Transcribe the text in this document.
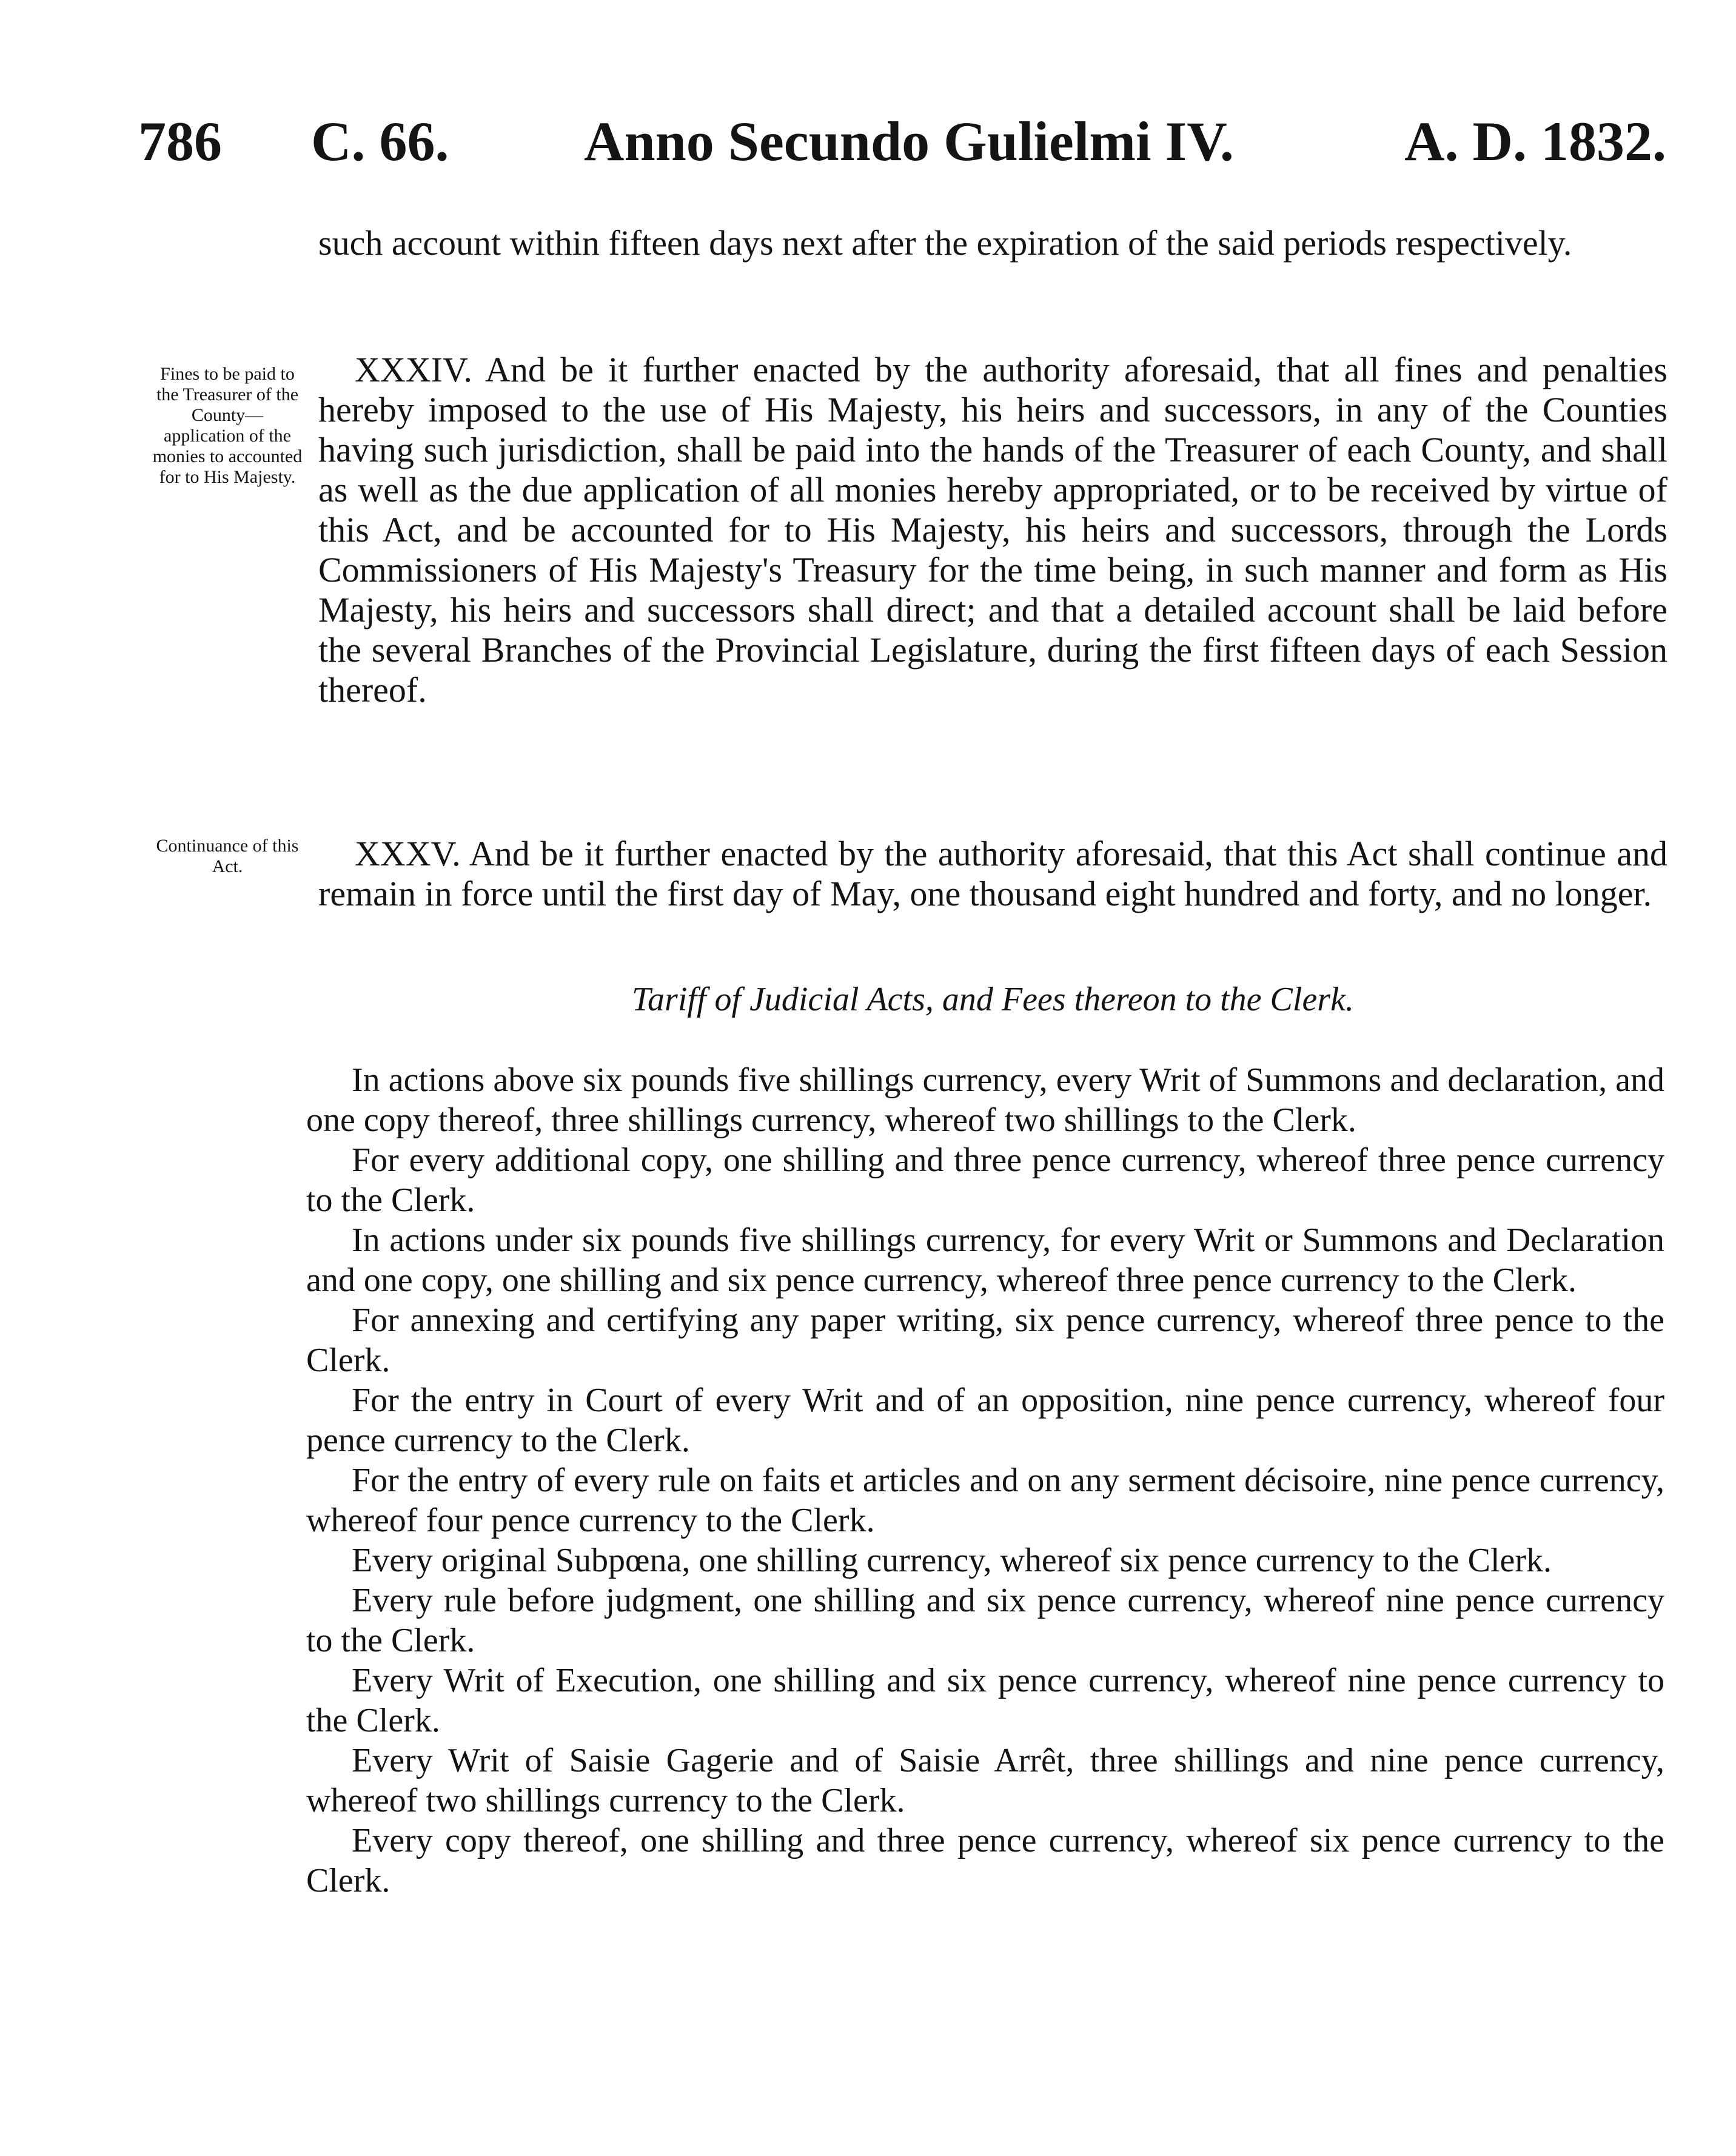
786 C. 66. Anno Secundo Gulielmi IV.	A. D. 1832.

such account within fifteen days next after the expiration of the said periods respectively.

Fines to be paid to the Treasurer of the County—application of the monies to accounted for to His Majesty.

XXXIV. And be it further enacted by the authority aforesaid, that all fines and penalties hereby imposed to the use of His Majesty, his heirs and successors, in any of the Counties having such jurisdiction, shall be paid into the hands of the Treasurer of each County, and shall as well as the due application of all monies hereby appropriated, or to be received by virtue of this Act, and be accounted for to His Majesty, his heirs and successors, through the Lords Commissioners of His Majesty's Treasury for the time being, in such manner and form as His Majesty, his heirs and successors shall direct; and that a detailed account shall be laid before the several Branches of the Provincial Legislature, during the first fifteen days of each Session thereof.

Continuance of this Act.	XXXV. And be it further enacted by the authority aforesaid, that this Act shall continue and remain in force until the first day of May, one thousand eight hundred and forty, and no longer.

Tariff of Judicial Acts, and Fees thereon to the Clerk.

In actions above six pounds five shillings currency, every Writ of Summons and declaration, and one copy thereof, three shillings currency, whereof two shillings to the Clerk.
For every additional copy, one shilling and three pence currency, whereof three pence currency to the Clerk.
In actions under six pounds five shillings currency, for every Writ or Summons and Declaration and one copy, one shilling and six pence currency, whereof three pence currency to the Clerk.
For annexing and certifying any paper writing, six pence currency, whereof three pence to the Clerk.
For the entry in Court of every Writ and of an opposition, nine pence currency, whereof four pence currency to the Clerk.
For the entry of every rule on faits et articles and on any serment décisoire, nine pence currency, whereof four pence currency to the Clerk.
Every original Subpœna, one shilling currency, whereof six pence currency to the Clerk.
Every rule before judgment, one shilling and six pence currency, whereof nine pence currency to the Clerk.
Every Writ of Execution, one shilling and six pence currency, whereof nine pence currency to the Clerk.
Every Writ of Saisie Gagerie and of Saisie Arrêt, three shillings and nine pence currency, whereof two shillings currency to the Clerk.
Every copy thereof, one shilling and three pence currency, whereof six pence currency to the Clerk.
